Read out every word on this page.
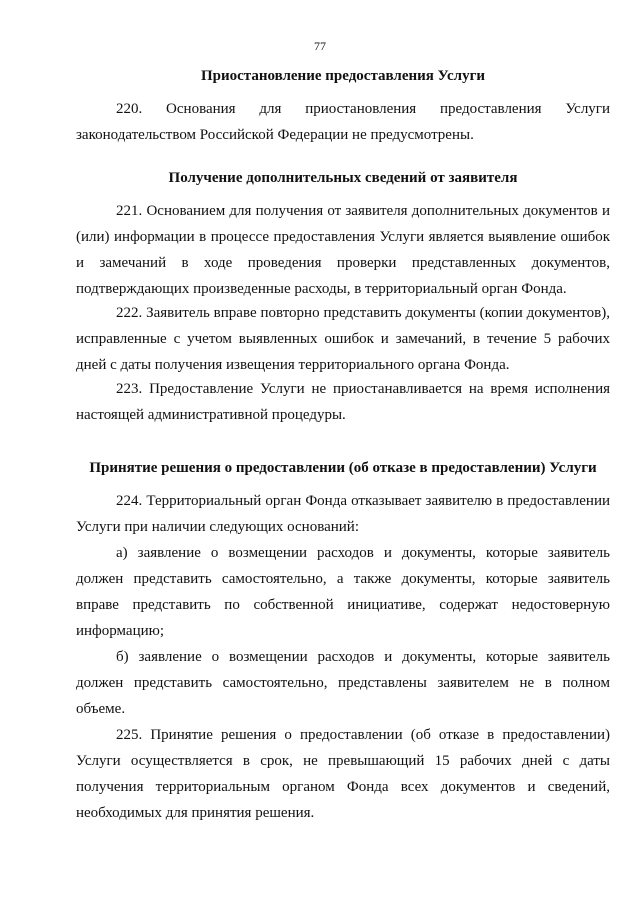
77
Приостановление предоставления Услуги

220. Основания для приостановления предоставления Услуги законодательством Российской Федерации не предусмотрены.

Получение дополнительных сведений от заявителя

221. Основанием для получения от заявителя дополнительных документов и (или) информации в процессе предоставления Услуги является выявление ошибок и замечаний в ходе проведения проверки представленных документов, подтверждающих произведенные расходы, в территориальный орган Фонда.

222. Заявитель вправе повторно представить документы (копии документов), исправленные с учетом выявленных ошибок и замечаний, в течение 5 рабочих дней с даты получения извещения территориального органа Фонда.

223. Предоставление Услуги не приостанавливается на время исполнения настоящей административной процедуры.

Принятие решения о предоставлении (об отказе в предоставлении) Услуги

224. Территориальный орган Фонда отказывает заявителю в предоставлении Услуги при наличии следующих оснований:

а) заявление о возмещении расходов и документы, которые заявитель должен представить самостоятельно, а также документы, которые заявитель вправе представить по собственной инициативе, содержат недостоверную информацию;

б) заявление о возмещении расходов и документы, которые заявитель должен представить самостоятельно, представлены заявителем не в полном объеме.

225. Принятие решения о предоставлении (об отказе в предоставлении) Услуги осуществляется в срок, не превышающий 15 рабочих дней с даты получения территориальным органом Фонда всех документов и сведений, необходимых для принятия решения.
